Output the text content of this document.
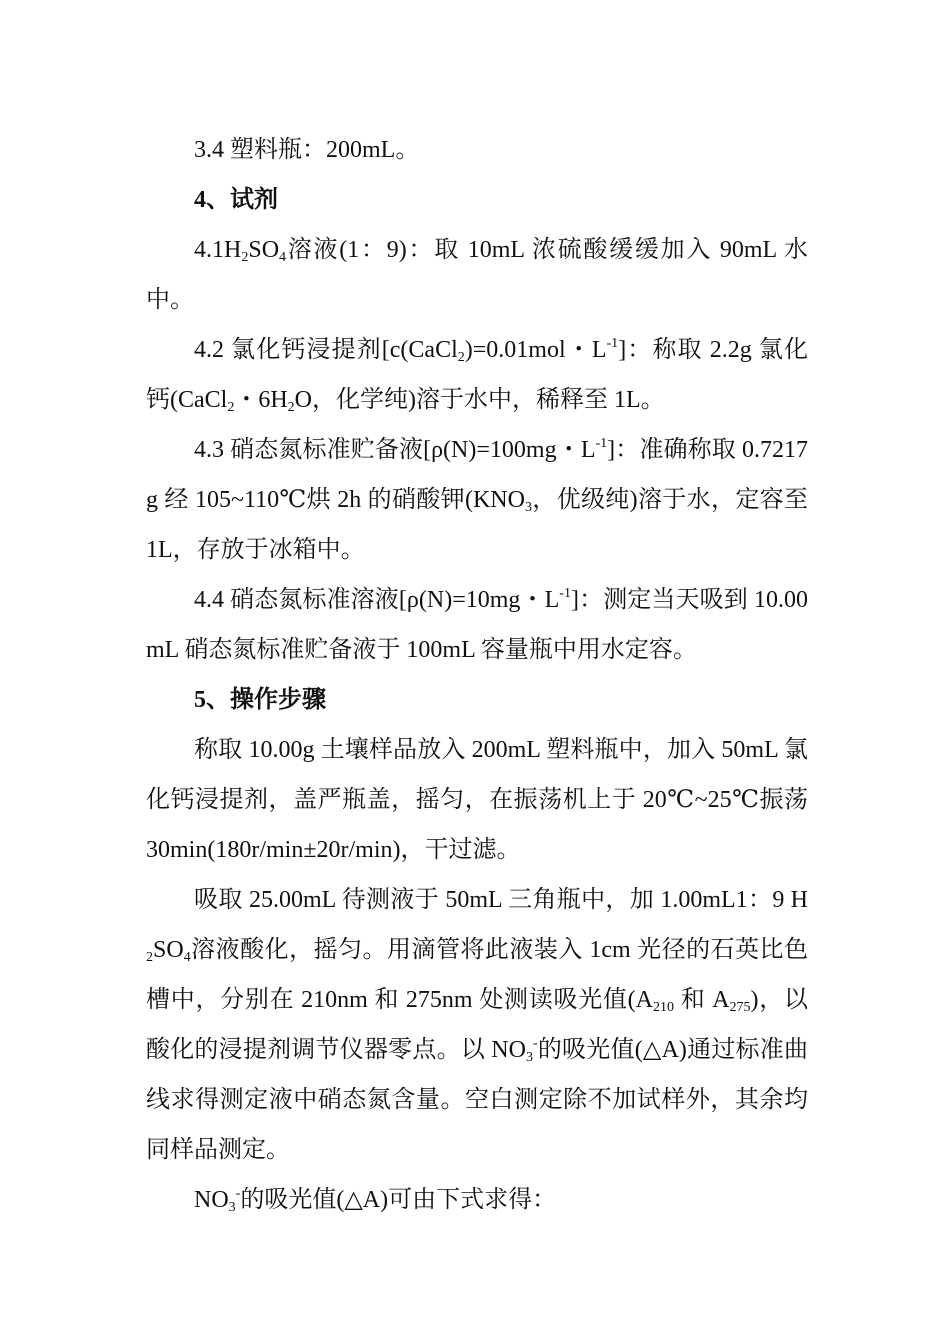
3.4 塑料瓶：200mL。

4、试剂

$4.1H_2SO_4$溶液(1：9)：取 10mL 浓硫酸缓缓加入 90mL 水中。

4.2 氯化钙浸提剂[c(CaCl$_2$)=0.01mol・$L^{-1}$]：称取 2.2g 氯化钙(CaCl$_2$・$6H_2O$，化学纯)溶于水中，稀释至 1L。

4.3 硝态氮标准贮备液[ρ(N)=100mg・$L^{-1}$]：准确称取 0.7217g 经 105~110℃烘 2h 的硝酸钾($KNO_3$，优级纯)溶于水，定容至 1L，存放于冰箱中。

4.4 硝态氮标准溶液[ρ(N)=10mg・$L^{-1}$]：测定当天吸到 10.00mL 硝态氮标准贮备液于 100mL 容量瓶中用水定容。

5、操作步骤

称取 10.00g 土壤样品放入 200mL 塑料瓶中，加入 50mL 氯化钙浸提剂，盖严瓶盖，摇匀，在振荡机上于 20℃~25℃振荡 30min(180r/min±20r/min)，干过滤。

吸取 25.00mL 待测液于 50mL 三角瓶中，加 1.00mL1：9 $H_2SO_4$溶液酸化，摇匀。用滴管将此液装入 1cm 光径的石英比色槽中，分别在 210nm 和 275nm 处测读吸光值($A_{210}$ 和 $A_{275}$)，以酸化的浸提剂调节仪器零点。以 $NO_3^-$的吸光值(△A)通过标准曲线求得测定液中硝态氮含量。空白测定除不加试样外，其余均同样品测定。

$NO_3^-$的吸光值(△A)可由下式求得：
